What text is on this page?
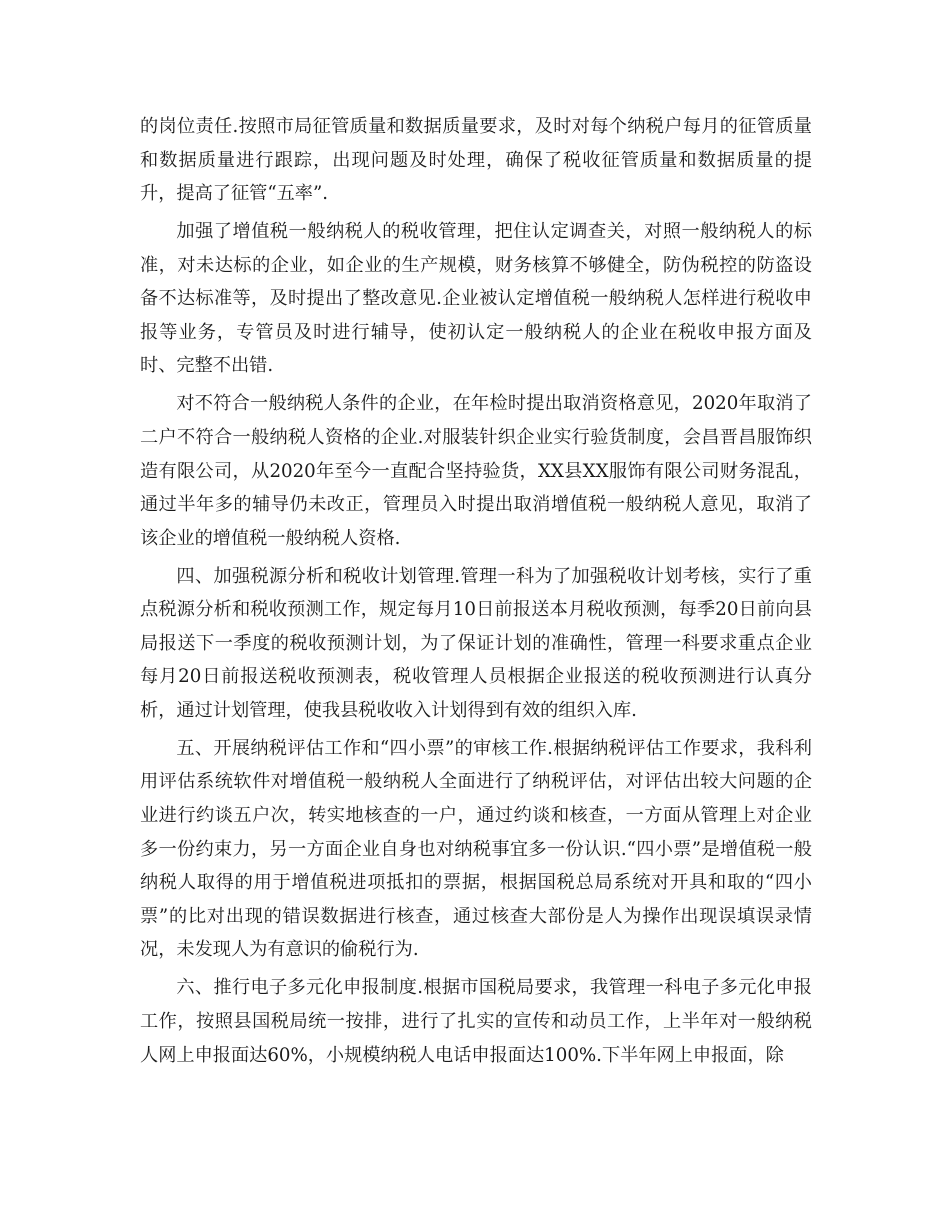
的岗位责任.按照市局征管质量和数据质量要求，及时对每个纳税户每月的征管质量和数据质量进行跟踪，出现问题及时处理，确保了税收征管质量和数据质量的提升，提高了征管“五率”.

加强了增值税一般纳税人的税收管理，把住认定调查关，对照一般纳税人的标准，对未达标的企业，如企业的生产规模，财务核算不够健全，防伪税控的防盗设备不达标准等，及时提出了整改意见.企业被认定增值税一般纳税人怎样进行税收申报等业务，专管员及时进行辅导，使初认定一般纳税人的企业在税收申报方面及时、完整不出错.

对不符合一般纳税人条件的企业，在年检时提出取消资格意见，2020年取消了二户不符合一般纳税人资格的企业.对服装针织企业实行验货制度，会昌晋昌服饰织造有限公司，从2020年至今一直配合坚持验货，XX县XX服饰有限公司财务混乱，通过半年多的辅导仍未改正，管理员入时提出取消增值税一般纳税人意见，取消了该企业的增值税一般纳税人资格.

四、加强税源分析和税收计划管理.管理一科为了加强税收计划考核，实行了重点税源分析和税收预测工作，规定每月10日前报送本月税收预测，每季20日前向县局报送下一季度的税收预测计划，为了保证计划的准确性，管理一科要求重点企业每月20日前报送税收预测表，税收管理人员根据企业报送的税收预测进行认真分析，通过计划管理，使我县税收收入计划得到有效的组织入库.

五、开展纳税评估工作和“四小票”的审核工作.根据纳税评估工作要求，我科利用评估系统软件对增值税一般纳税人全面进行了纳税评估，对评估出较大问题的企业进行约谈五户次，转实地核查的一户，通过约谈和核查，一方面从管理上对企业多一份约束力，另一方面企业自身也对纳税事宜多一份认识.“四小票”是增值税一般纳税人取得的用于增值税进项抵扣的票据，根据国税总局系统对开具和取的“四小票”的比对出现的错误数据进行核查，通过核查大部份是人为操作出现误填误录情况，未发现人为有意识的偷税行为.

六、推行电子多元化申报制度.根据市国税局要求，我管理一科电子多元化申报工作，按照县国税局统一按排，进行了扎实的宣传和动员工作，上半年对一般纳税人网上申报面达60%，小规模纳税人电话申报面达100%.下半年网上申报面，除
